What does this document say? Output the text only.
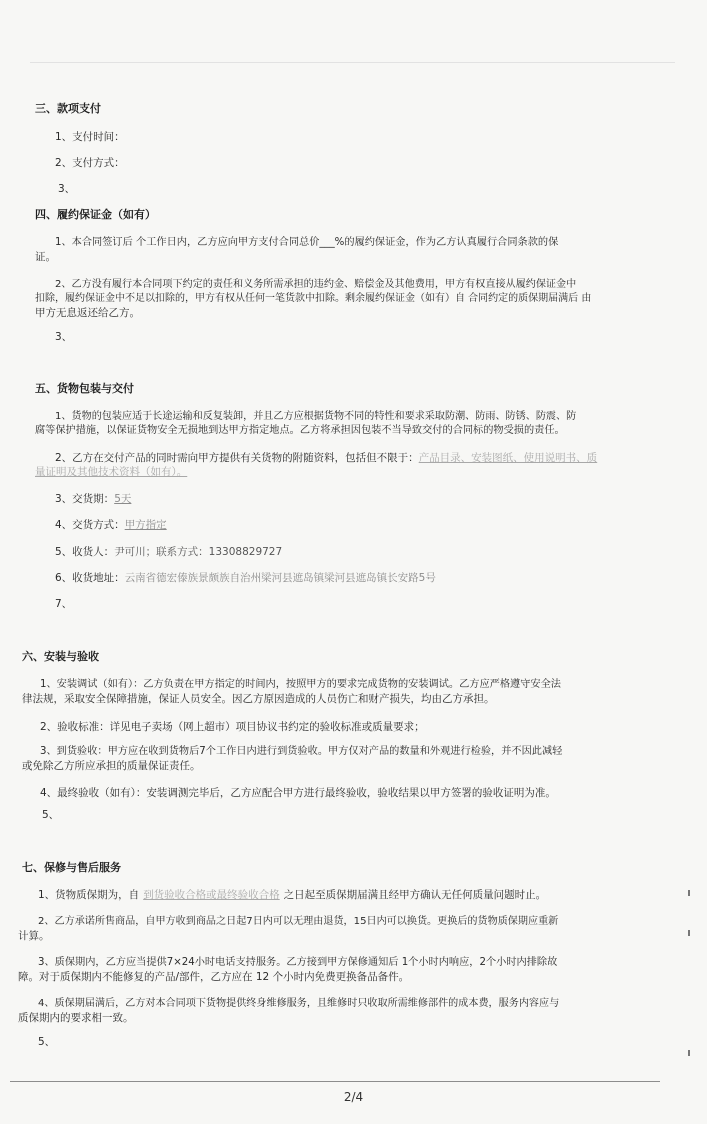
三、款项支付
1、支付时间：
2、支付方式：
3、
四、履约保证金（如有）
1、本合同签订后 个工作日内，乙方应向甲方支付合同总价___%的履约保证金，作为乙方认真履行合同条款的保
证。
2、乙方没有履行本合同项下约定的责任和义务所需承担的违约金、赔偿金及其他费用，甲方有权直接从履约保证金中
扣除，履约保证金中不足以扣除的，甲方有权从任何一笔货款中扣除。剩余履约保证金（如有）自 合同约定的质保期届满后 由
甲方无息返还给乙方。
3、
五、货物包装与交付
1、货物的包装应适于长途运输和反复装卸，并且乙方应根据货物不同的特性和要求采取防潮、防雨、防锈、防震、防
腐等保护措施，以保证货物安全无损地到达甲方指定地点。乙方将承担因包装不当导致交付的合同标的物受损的责任。
2、乙方在交付产品的同时需向甲方提供有关货物的附随资料，包括但不限于：产品目录、安装图纸、使用说明书、质
量证明及其他技术资料（如有）。
3、交货期：5天
4、交货方式：甲方指定
5、收货人：尹可川；联系方式：13308829727
6、收货地址：云南省德宏傣族景颇族自治州梁河县遮岛镇梁河县遮岛镇长安路5号
7、
六、安装与验收
1、安装调试（如有）：乙方负责在甲方指定的时间内，按照甲方的要求完成货物的安装调试。乙方应严格遵守安全法
律法规，采取安全保障措施，保证人员安全。因乙方原因造成的人员伤亡和财产损失，均由乙方承担。
2、验收标准：详见电子卖场（网上超市）项目协议书约定的验收标准或质量要求；
3、到货验收：甲方应在收到货物后7个工作日内进行到货验收。甲方仅对产品的数量和外观进行检验，并不因此减轻
或免除乙方所应承担的质量保证责任。
4、最终验收（如有）：安装调测完毕后，乙方应配合甲方进行最终验收，验收结果以甲方签署的验收证明为准。
5、
七、保修与售后服务
1、货物质保期为，自 到货验收合格或最终验收合格 之日起至质保期届满且经甲方确认无任何质量问题时止。
2、乙方承诺所售商品，自甲方收到商品之日起7日内可以无理由退货，15日内可以换货。更换后的货物质保期应重新
计算。
3、质保期内，乙方应当提供7×24小时电话支持服务。乙方接到甲方保修通知后 1个小时内响应，2个小时内排除故
障。对于质保期内不能修复的产品/部件，乙方应在 12 个小时内免费更换备品备件。
4、质保期届满后，乙方对本合同项下货物提供终身维修服务，且维修时只收取所需维修部件的成本费，服务内容应与
质保期内的要求相一致。
5、
2/4
